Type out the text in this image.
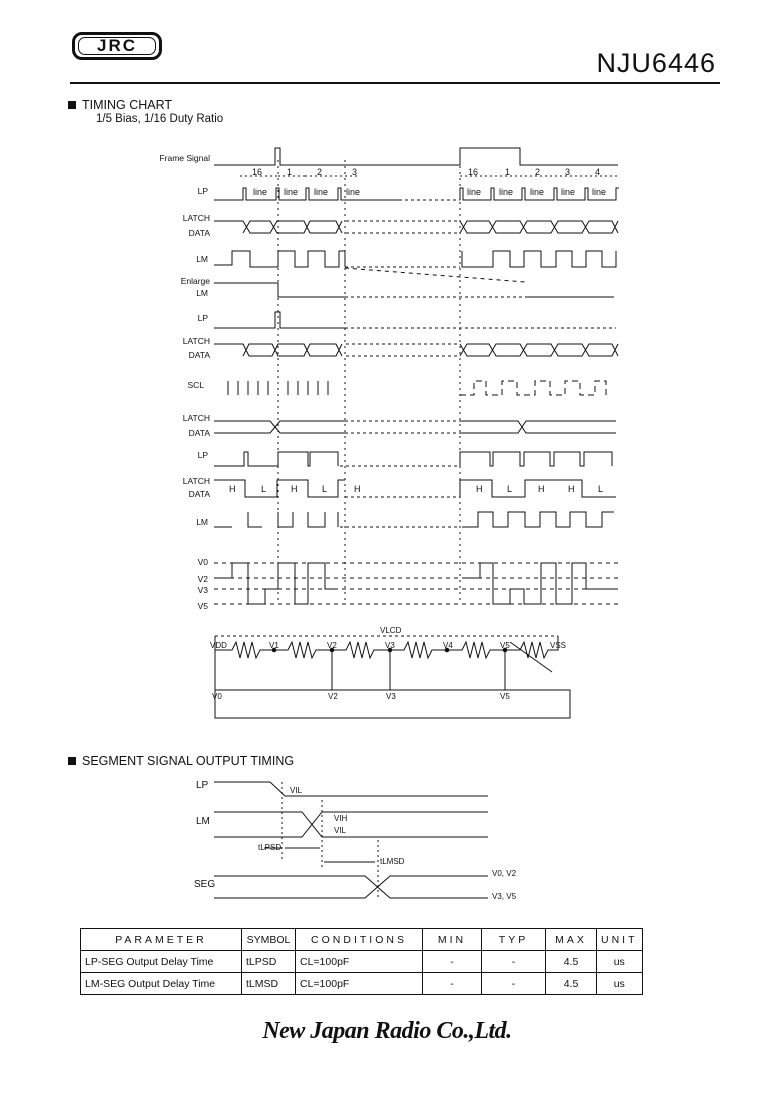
JRC
NJU6446
TIMING CHART
1/5 Bias, 1/16 Duty Ratio
Frame Signal
LP
LATCH
DATA
LM
Enlarge
LM
LP
LATCH
DATA
SCL
LATCH
DATA
LP
LATCH
DATA
LM
V0
V2
V3
V5
16	1	2	3	16	1	2	3	4
line line line line	line line line line line
H	L	H	L	H	H	L	H	H	L
VLCD
VDD	V1	V2	V3	V4	V5	VSS
V0	V2	V3	V5
SEGMENT SIGNAL OUTPUT TIMING
LP
LM
SEG
VIL
VIH
VIL
tLPSD
tLMSD
V0, V2
V3, V5
PARAMETER	SYMBOL	CONDITIONS	MIN	TYP	MAX	UNIT
LP-SEG Output Delay Time	tLPSD	CL=100pF	-	-	4.5	us
LM-SEG Output Delay Time	tLMSD	CL=100pF	-	-	4.5	us
New Japan Radio Co.,Ltd.
